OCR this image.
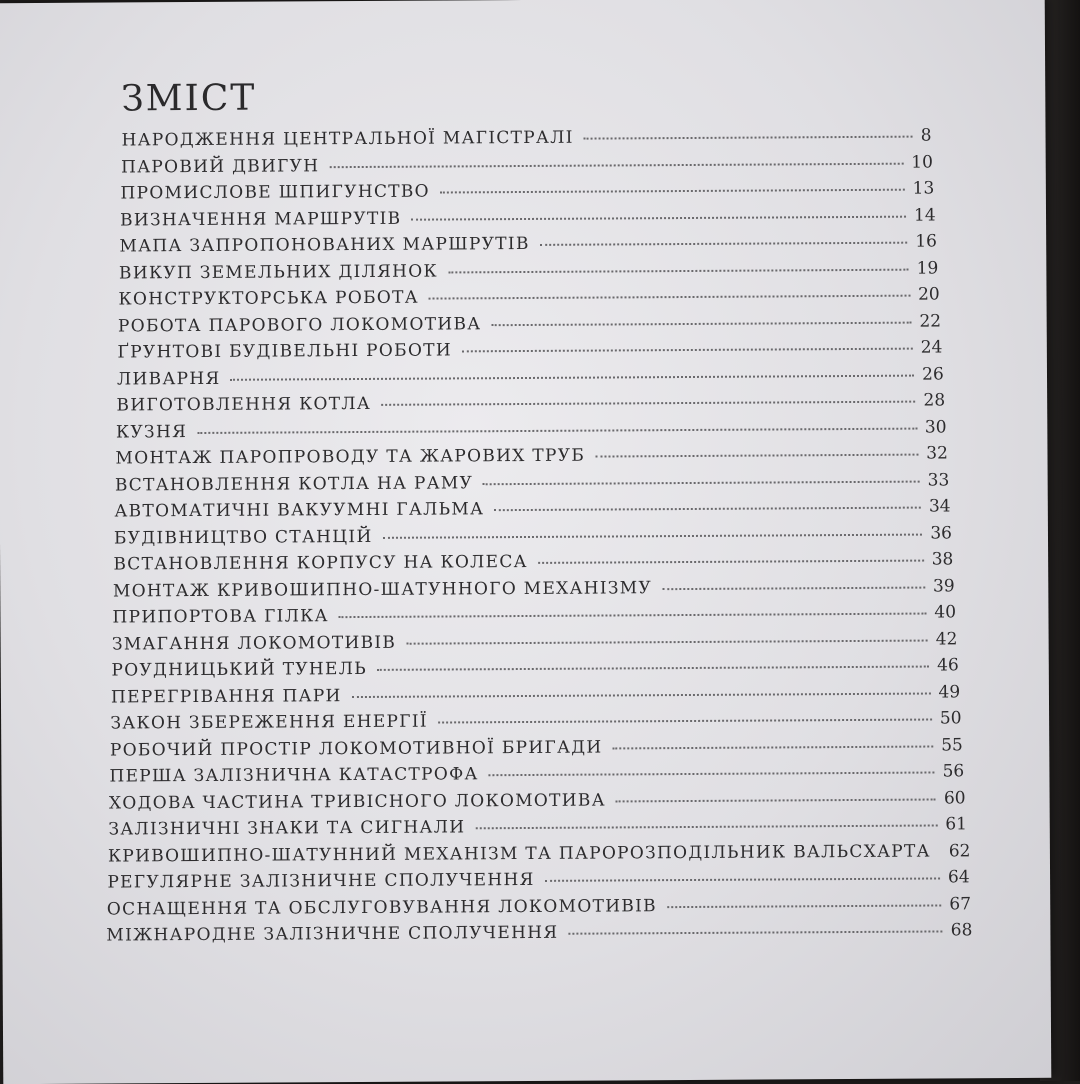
ЗМІСТ
НАРОДЖЕННЯ ЦЕНТРАЛЬНОЇ МАГІСТРАЛІ	8
ПАРОВИЙ ДВИГУН	10
ПРОМИСЛОВЕ ШПИГУНСТВО	13
ВИЗНАЧЕННЯ МАРШРУТІВ	14
МАПА ЗАПРОПОНОВАНИХ МАРШРУТІВ	16
ВИКУП ЗЕМЕЛЬНИХ ДІЛЯНОК	19
КОНСТРУКТОРСЬКА РОБОТА	20
РОБОТА ПАРОВОГО ЛОКОМОТИВА	22
ҐРУНТОВІ БУДІВЕЛЬНІ РОБОТИ	24
ЛИВАРНЯ	26
ВИГОТОВЛЕННЯ КОТЛА	28
КУЗНЯ	30
МОНТАЖ ПАРОПРОВОДУ ТА ЖАРОВИХ ТРУБ	32
ВСТАНОВЛЕННЯ КОТЛА НА РАМУ	33
АВТОМАТИЧНІ ВАКУУМНІ ГАЛЬМА	34
БУДІВНИЦТВО СТАНЦІЙ	36
ВСТАНОВЛЕННЯ КОРПУСУ НА КОЛЕСА	38
МОНТАЖ КРИВОШИПНО-ШАТУННОГО МЕХАНІЗМУ	39
ПРИПОРТОВА ГІЛКА	40
ЗМАГАННЯ ЛОКОМОТИВІВ	42
РОУДНИЦЬКИЙ ТУНЕЛЬ	46
ПЕРЕГРІВАННЯ ПАРИ	49
ЗАКОН ЗБЕРЕЖЕННЯ ЕНЕРГІЇ	50
РОБОЧИЙ ПРОСТІР ЛОКОМОТИВНОЇ БРИГАДИ	55
ПЕРША ЗАЛІЗНИЧНА КАТАСТРОФА	56
ХОДОВА ЧАСТИНА ТРИВІСНОГО ЛОКОМОТИВА	60
ЗАЛІЗНИЧНІ ЗНАКИ ТА СИГНАЛИ	61
КРИВОШИПНО-ШАТУННИЙ МЕХАНІЗМ ТА ПАРОРОЗПОДІЛЬНИК ВАЛЬСХАРТА	62
РЕГУЛЯРНЕ ЗАЛІЗНИЧНЕ СПОЛУЧЕННЯ	64
ОСНАЩЕННЯ ТА ОБСЛУГОВУВАННЯ ЛОКОМОТИВІВ	67
МІЖНАРОДНЕ ЗАЛІЗНИЧНЕ СПОЛУЧЕННЯ	68
